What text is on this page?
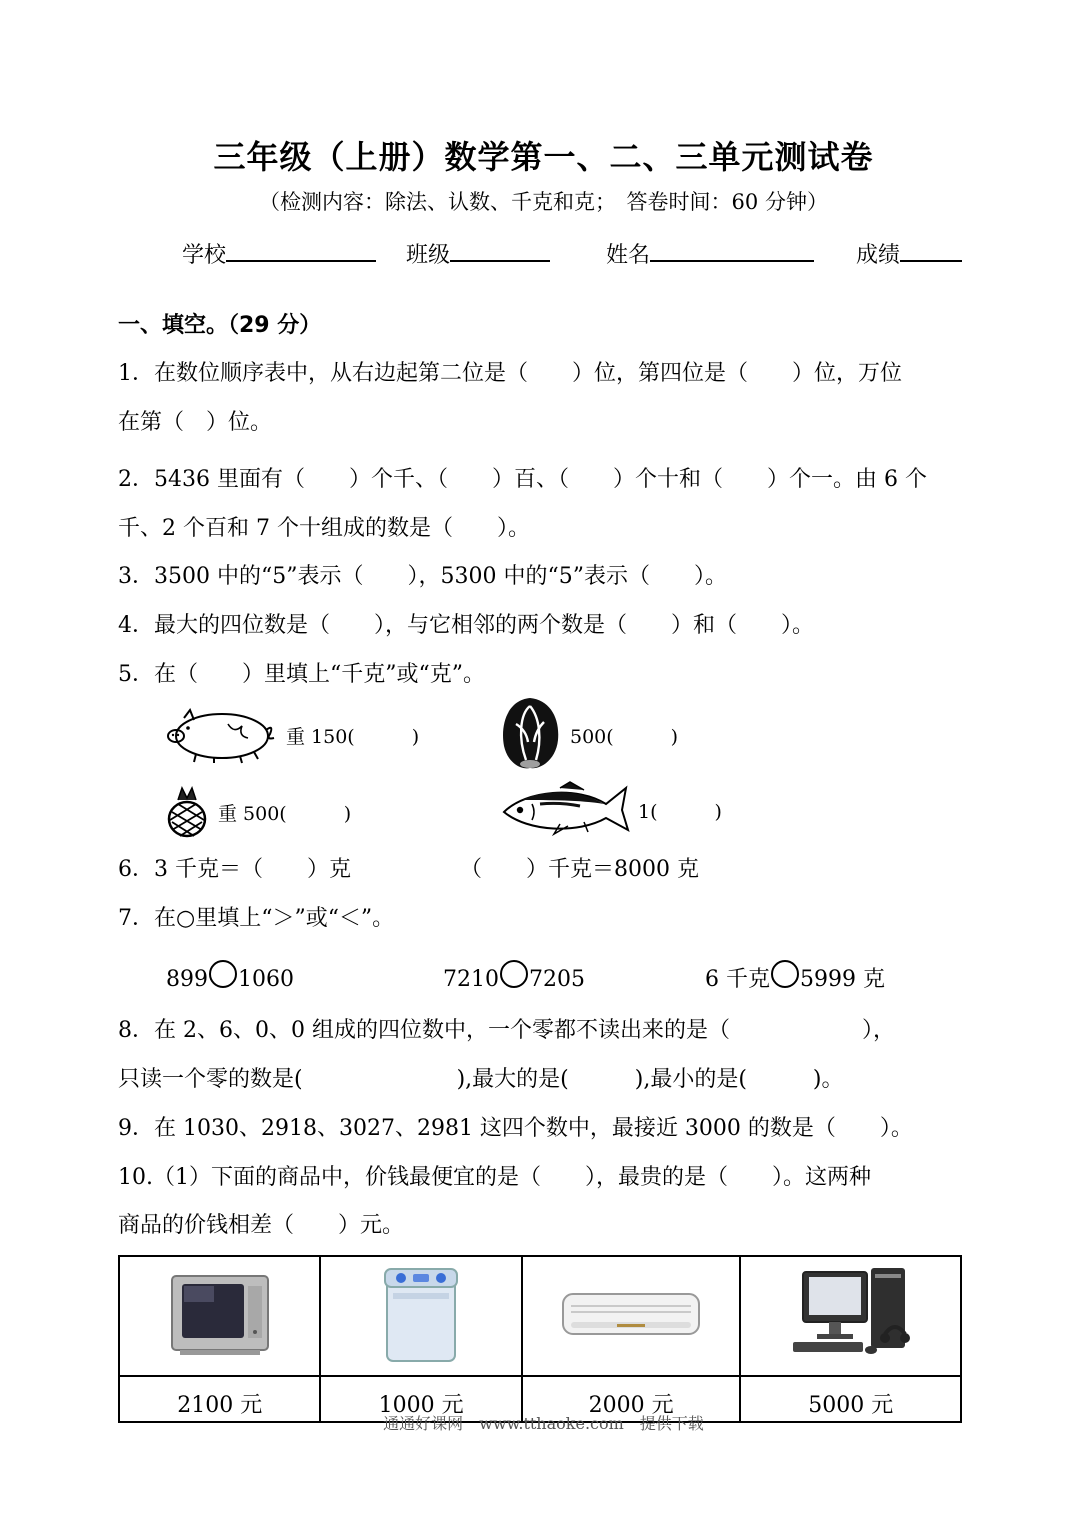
三年级（上册）数学第一、二、三单元测试卷
（检测内容：除法、认数、千克和克；　答卷时间：60 分钟）
学校	班级	姓名	成绩
一、填空。（29 分）
1．在数位顺序表中，从右边起第二位是（　　）位，第四位是（　　）位，万位
在第（　）位。
2．5436 里面有（　　）个千、（　　）百、（　　）个十和（　　）个一。由 6 个
千、2 个百和 7 个十组成的数是（　　）。
3．3500 中的“5”表示（　　），5300 中的“5”表示（　　）。
4．最大的四位数是（　　），与它相邻的两个数是（　　）和（　　）。
5．在（　　）里填上“千克”或“克”。
重 150(　　　)	500(　　　)
重 500(　　　)	1(　　　)
6．3 千克＝（　　）克	（　　）千克＝8000 克
7．在○里填上“＞”或“＜”。
899 1060	7210 7205	6 千克 5999 克
8．在 2、6、0、0 组成的四位数中，一个零都不读出来的是（　　　　　　），
只读一个零的数是(　　　　　　　),最大的是(　　　),最小的是(　　　)。
9．在 1030、2918、3027、2981 这四个数中，最接近 3000 的数是（　　）。
10.（1）下面的商品中，价钱最便宜的是（　　），最贵的是（　　）。这两种
商品的价钱相差（　　）元。

2100 元	1000 元	2000 元	5000 元
通通好课网　www.tthaoke.com　提供下载
